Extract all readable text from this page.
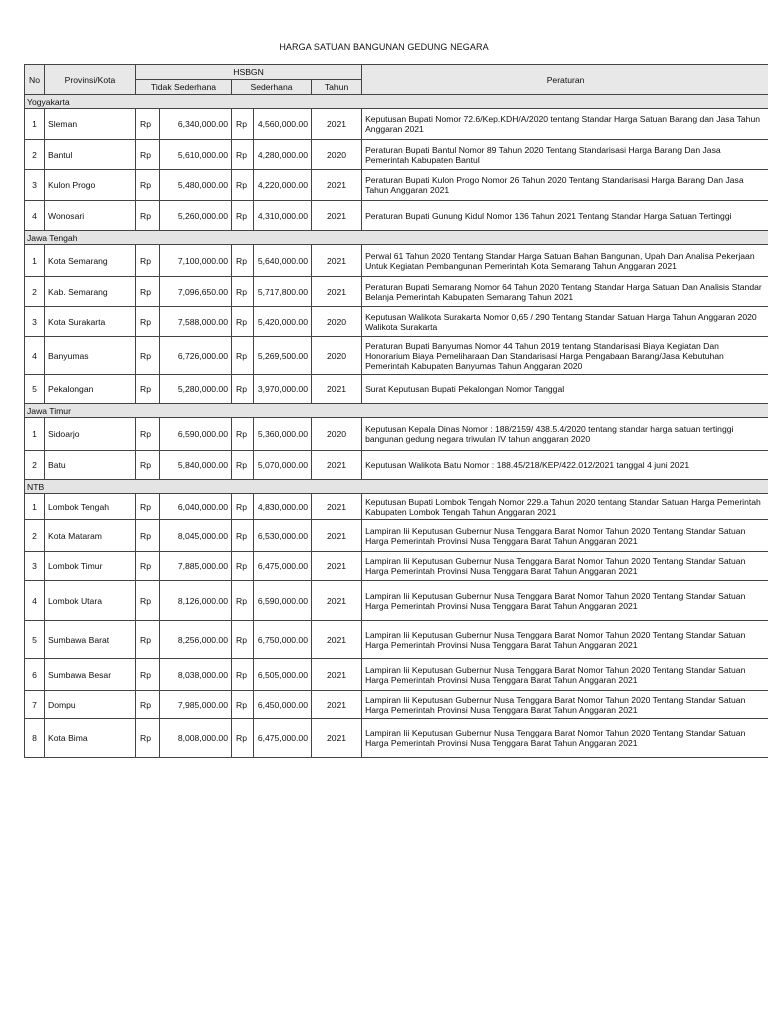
HARGA SATUAN BANGUNAN GEDUNG NEGARA
No	Provinsi/Kota	HSBGN					Peraturan
		Tidak Sederhana		Sederhana		Tahun	
Yogyakarta							
1	Sleman	Rp	6,340,000.00	Rp	4,560,000.00	2021	Keputusan Bupati Nomor 72.6/Kep.KDH/A/2020 tentang Standar Harga Satuan Barang dan Jasa Tahun Anggaran 2021
2	Bantul	Rp	5,610,000.00	Rp	4,280,000.00	2020	Peraturan Bupati Bantul Nomor 89 Tahun 2020 Tentang Standarisasi Harga Barang Dan Jasa Pemerintah Kabupaten Bantul
3	Kulon Progo	Rp	5,480,000.00	Rp	4,220,000.00	2021	Peraturan Bupati Kulon Progo Nomor 26 Tahun 2020 Tentang Standarisasi Harga Barang Dan Jasa Tahun Anggaran 2021
4	Wonosari	Rp	5,260,000.00	Rp	4,310,000.00	2021	Peraturan Bupati Gunung Kidul Nomor 136 Tahun 2021 Tentang Standar Harga Satuan Tertinggi
Jawa Tengah							
1	Kota Semarang	Rp	7,100,000.00	Rp	5,640,000.00	2021	Perwal 61 Tahun 2020 Tentang Standar Harga Satuan Bahan Bangunan, Upah Dan Analisa Pekerjaan Untuk Kegiatan Pembangunan Pemerintah Kota Semarang Tahun Anggaran 2021
2	Kab. Semarang	Rp	7,096,650.00	Rp	5,717,800.00	2021	Peraturan Bupati Semarang Nomor 64 Tahun 2020 Tentang Standar Harga Satuan Dan Analisis Standar Belanja Pemerintah Kabupaten Semarang Tahun 2021
3	Kota Surakarta	Rp	7,588,000.00	Rp	5,420,000.00	2020	Keputusan Walikota Surakarta Nomor 0,65 / 290 Tentang Standar Satuan Harga Tahun Anggaran 2020 Walikota Surakarta
4	Banyumas	Rp	6,726,000.00	Rp	5,269,500.00	2020	Peraturan Bupati Banyumas Nomor 44 Tahun 2019 tentang Standarisasi Biaya Kegiatan Dan Honorarium Biaya Pemeliharaan Dan Standarisasi Harga Pengabaan Barang/Jasa Kebutuhan Pemerintah Kabupaten Banyumas Tahun Anggaran 2020
5	Pekalongan	Rp	5,280,000.00	Rp	3,970,000.00	2021	Surat Keputusan Bupati Pekalongan Nomor Tanggal
Jawa Timur							
1	Sidoarjo	Rp	6,590,000.00	Rp	5,360,000.00	2020	Keputusan Kepala Dinas Nomor : 188/2159/ 438.5.4/2020 tentang standar harga satuan tertinggi bangunan gedung negara triwulan IV tahun anggaran 2020
2	Batu	Rp	5,840,000.00	Rp	5,070,000.00	2021	Keputusan Walikota Batu Nomor : 188.45/218/KEP/422.012/2021 tanggal 4 juni 2021
NTB							
1	Lombok Tengah	Rp	6,040,000.00	Rp	4,830,000.00	2021	Keputusan Bupati Lombok Tengah Nomor 229.a Tahun 2020 tentang Standar Satuan Harga Pemerintah Kabupaten Lombok Tengah Tahun Anggaran 2021
2	Kota Mataram	Rp	8,045,000.00	Rp	6,530,000.00	2021	Lampiran Iii Keputusan Gubernur Nusa Tenggara Barat Nomor Tahun 2020 Tentang Standar Satuan Harga Pemerintah Provinsi Nusa Tenggara Barat Tahun Anggaran 2021
3	Lombok Timur	Rp	7,885,000.00	Rp	6,475,000.00	2021	Lampiran Iii Keputusan Gubernur Nusa Tenggara Barat Nomor Tahun 2020 Tentang Standar Satuan Harga Pemerintah Provinsi Nusa Tenggara Barat Tahun Anggaran 2021
4	Lombok Utara	Rp	8,126,000.00	Rp	6,590,000.00	2021	Lampiran Iii Keputusan Gubernur Nusa Tenggara Barat Nomor Tahun 2020 Tentang Standar Satuan Harga Pemerintah Provinsi Nusa Tenggara Barat Tahun Anggaran 2021
5	Sumbawa Barat	Rp	8,256,000.00	Rp	6,750,000.00	2021	Lampiran Iii Keputusan Gubernur Nusa Tenggara Barat Nomor Tahun 2020 Tentang Standar Satuan Harga Pemerintah Provinsi Nusa Tenggara Barat Tahun Anggaran 2021
6	Sumbawa Besar	Rp	8,038,000.00	Rp	6,505,000.00	2021	Lampiran Iii Keputusan Gubernur Nusa Tenggara Barat Nomor Tahun 2020 Tentang Standar Satuan Harga Pemerintah Provinsi Nusa Tenggara Barat Tahun Anggaran 2021
7	Dompu	Rp	7,985,000.00	Rp	6,450,000.00	2021	Lampiran Iii Keputusan Gubernur Nusa Tenggara Barat Nomor Tahun 2020 Tentang Standar Satuan Harga Pemerintah Provinsi Nusa Tenggara Barat Tahun Anggaran 2021
8	Kota Bima	Rp	8,008,000.00	Rp	6,475,000.00	2021	Lampiran Iii Keputusan Gubernur Nusa Tenggara Barat Nomor Tahun 2020 Tentang Standar Satuan Harga Pemerintah Provinsi Nusa Tenggara Barat Tahun Anggaran 2021
